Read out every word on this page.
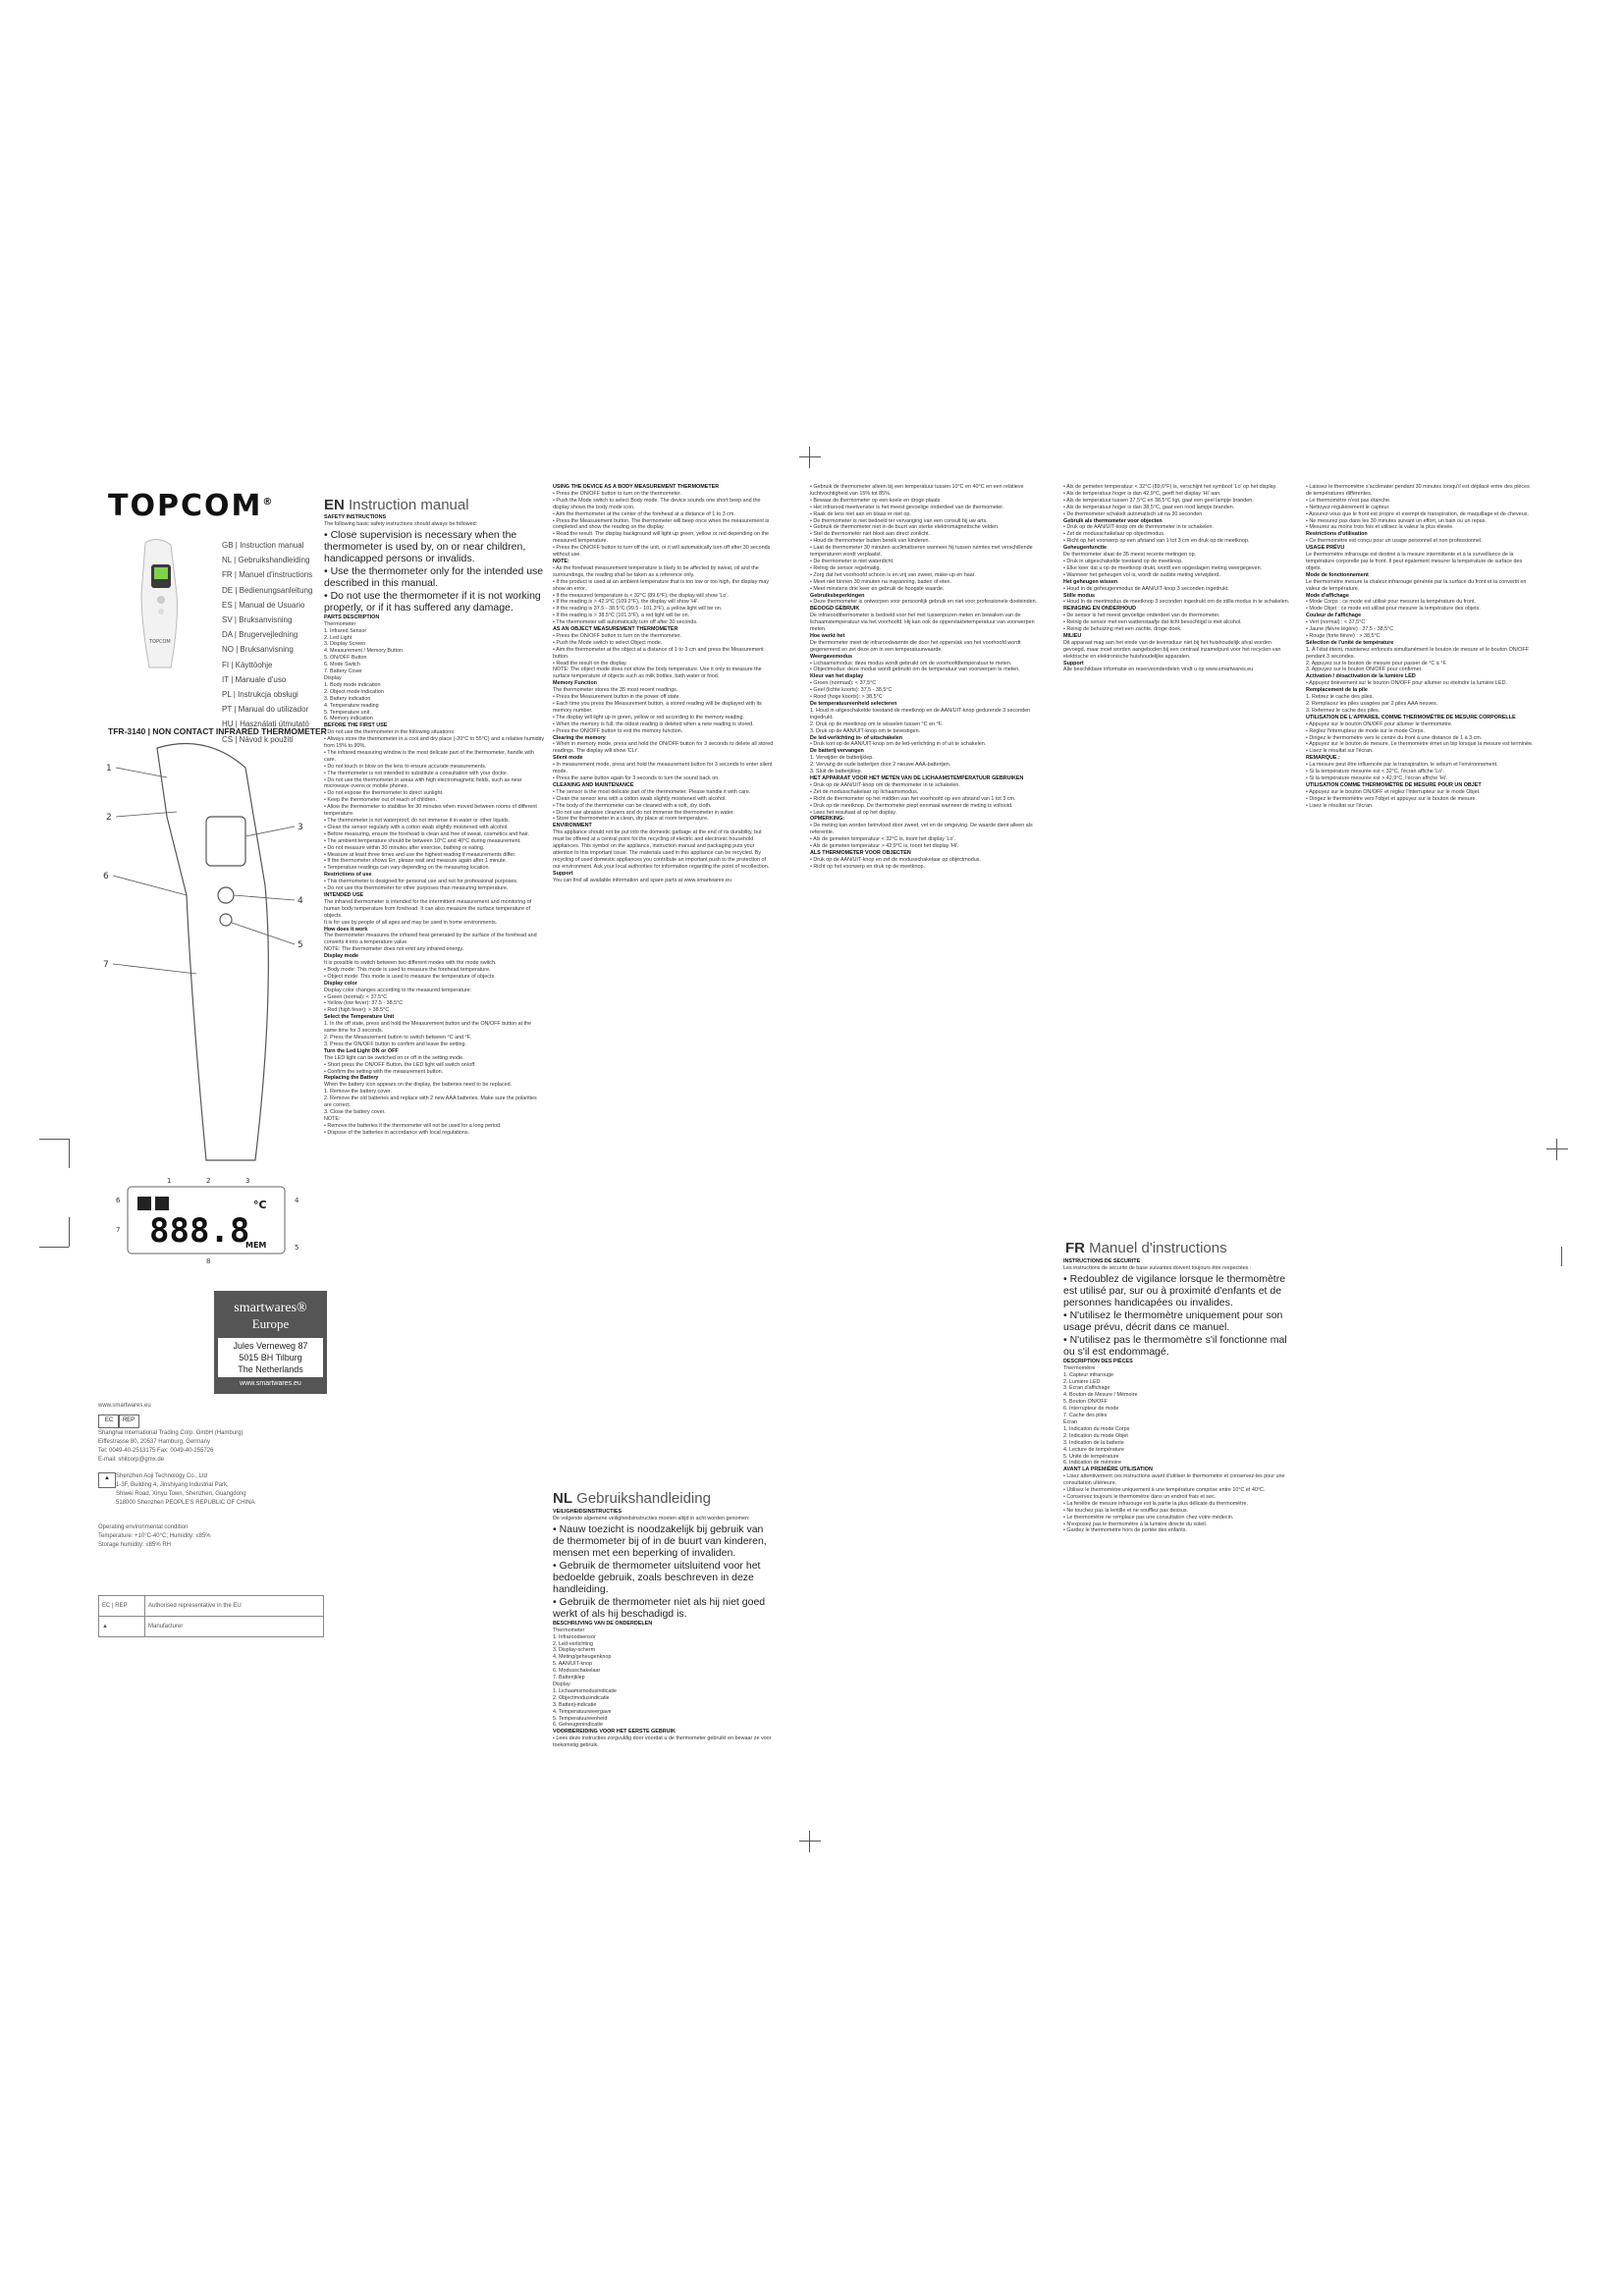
TOPCOM®
TOPCOM
GB | Instruction manual
NL | Gebruikshandleiding
FR | Manuel d'instructions
DE | Bedienungsanleitung
ES | Manual de Usuario
SV | Bruksanvisning
DA | Brugervejledning
NO | Bruksanvisning
FI | Käyttöohje
IT | Manuale d'uso
PL | Instrukcja obsługi
PT | Manual do utilizador
HU | Használati útmutató
CS | Návod k použití
TFR-3140 | NON CONTACT INFRARED THERMOMETER
1
2
3
4
5
6
7
888.8
°C
MEM
1	2	3
4
5
6
7
8
smartwares®
Europe
Jules Verneweg 87
5015 BH Tilburg
The Netherlands
www.smartwares.eu
www.smartwares.eu
EC	REP
Shanghai International Trading Corp. GmbH (Hamburg)
Eiffestrasse 80, 20537 Hamburg, Germany
Tel: 0049-40-2513175 Fax: 0049-40-255726
E-mail: shitcorp@gmx.de
▲	Shenzhen Aoji Technology Co., Ltd
1-3F, Building 4, Jinshiyang Industrial Park,
Shiwei Road, Xinyu Town, Shenzhen, Guangdong
518000 Shenzhen PEOPLE'S REPUBLIC OF CHINA
Operating environmental condition
Temperature: +10°C-40°C; Humidity: ≤85%
Storage humidity: ≤85% RH
EC | REP	Authorised representative in the EU
▲	Manufacturer
EN Instruction manual
NL Gebruikshandleiding
FR Manuel d'instructions

SAFETY INSTRUCTIONS

The following basic safety instructions should always be followed:

• Close supervision is necessary when the thermometer is used by, on or near children, handicapped persons or invalids.

• Use the thermometer only for the intended use described in this manual.

• Do not use the thermometer if it is not working properly, or if it has suffered any damage.

PARTS DESCRIPTION

Thermometer

1. Infrared Sensor

2. Led Light

3. Display Screen

4. Measurement / Memory Button

5. ON/OFF Button

6. Mode Switch

7. Battery Cover

Display

1. Body mode indication

2. Object mode indication

3. Battery indication

4. Temperature reading

5. Temperature unit

6. Memory indication

BEFORE THE FIRST USE

• Do not use the thermometer in the following situations:

• Always store the thermometer in a cool and dry place (-20°C to 55°C) and a relative humidity from 15% to 90%.

• The infrared measuring window is the most delicate part of the thermometer, handle with care.

• Do not touch or blow on the lens to ensure accurate measurements.

• The thermometer is not intended to substitute a consultation with your doctor.

• Do not use the thermometer in areas with high electromagnetic fields, such as near microwave ovens or mobile phones.

• Do not expose the thermometer to direct sunlight.

• Keep the thermometer out of reach of children.

• Allow the thermometer to stabilise for 30 minutes when moved between rooms of different temperature.

• The thermometer is not waterproof, do not immerse it in water or other liquids.

• Clean the sensor regularly with a cotton swab slightly moistened with alcohol.

• Before measuring, ensure the forehead is clean and free of sweat, cosmetics and hair.

• The ambient temperature should be between 10°C and 40°C during measurement.

• Do not measure within 30 minutes after exercise, bathing or eating.

• Measure at least three times and use the highest reading if measurements differ.

• If the thermometer shows Err, please wait and measure again after 1 minute.

• Temperature readings can vary depending on the measuring location.

Restrictions of use

• This thermometer is designed for personal use and not for professional purposes.

• Do not use this thermometer for other purposes than measuring temperature.

INTENDED USE

The infrared thermometer is intended for the intermittent measurement and monitoring of human body temperature from forehead. It can also measure the surface temperature of objects.

It is for use by people of all ages and may be used in home environments.

How does it work

The thermometer measures the infrared heat generated by the surface of the forehead and converts it into a temperature value.

NOTE: The thermometer does not emit any infrared energy.

Display mode

It is possible to switch between two different modes with the mode switch.

• Body mode: This mode is used to measure the forehead temperature.

• Object mode: This mode is used to measure the temperature of objects.

Display color

Display color changes according to the measured temperature:

• Green (normal): < 37.5°C

• Yellow (low fever): 37.5 - 38.5°C

• Red (high fever): > 38.5°C

Select the Temperature Unit

1. In the off state, press and hold the Measurement button and the ON/OFF button at the same time for 3 seconds.

2. Press the Measurement button to switch between °C and °F.

3. Press the ON/OFF button to confirm and leave the setting.

Turn the Led Light ON or OFF

The LED light can be switched on or off in the setting mode.

• Short press the ON/OFF Button, the LED light will switch on/off.

• Confirm the setting with the measurement button.

Replacing the Battery

When the battery icon appears on the display, the batteries need to be replaced.

1. Remove the battery cover.

2. Remove the old batteries and replace with 2 new AAA batteries. Make sure the polarities are correct.

3. Close the battery cover.

NOTE:

• Remove the batteries if the thermometer will not be used for a long period.

• Dispose of the batteries in accordance with local regulations.

USING THE DEVICE AS A BODY MEASUREMENT THERMOMETER

• Press the ON/OFF button to turn on the thermometer.

• Push the Mode switch to select Body mode. The device sounds one short beep and the display shows the body mode icon.

• Aim the thermometer at the center of the forehead at a distance of 1 to 3 cm.

• Press the Measurement button. The thermometer will beep once when the measurement is completed and show the reading on the display.

• Read the result. The display background will light up green, yellow or red depending on the measured temperature.

• Press the ON/OFF button to turn off the unit, or it will automatically turn off after 30 seconds without use.

NOTE:

• As the forehead measurement temperature is likely to be affected by sweat, oil and the surroundings, the reading shall be taken as a reference only.

• If the product is used at an ambient temperature that is too low or too high, the display may show an error.

• If the measured temperature is < 32°C (89.6°F), the display will show 'Lo'.

• If the reading is > 42.9°C (109.2°F), the display will show 'Hi'.

• If the reading is 37.5 - 38.5°C (99.5 - 101.3°F), a yellow light will be on.

• If the reading is > 38.5°C (101.3°F), a red light will be on.

• The thermometer will automatically turn off after 30 seconds.

AS AN OBJECT MEASUREMENT THERMOMETER

• Press the ON/OFF button to turn on the thermometer.

• Push the Mode switch to select Object mode.

• Aim the thermometer at the object at a distance of 1 to 3 cm and press the Measurement button.

• Read the result on the display.

NOTE: The object mode does not show the body temperature. Use it only to measure the surface temperature of objects such as milk bottles, bath water or food.

Memory Function

The thermometer stores the 35 most recent readings.

• Press the Measurement button in the power off state.

• Each time you press the Measurement button, a stored reading will be displayed with its memory number.

• The display will light up in green, yellow or red according to the memory reading.

• When the memory is full, the oldest reading is deleted when a new reading is stored.

• Press the ON/OFF button to exit the memory function.

Clearing the memory

• When in memory mode, press and hold the ON/OFF button for 3 seconds to delete all stored readings. The display will show 'CLr'.

Silent mode

• In measurement mode, press and hold the measurement button for 3 seconds to enter silent mode.

• Press the same button again for 3 seconds to turn the sound back on.

CLEANING AND MAINTENANCE

• The sensor is the most delicate part of the thermometer. Please handle it with care.

• Clean the sensor lens with a cotton swab slightly moistened with alcohol.

• The body of the thermometer can be cleaned with a soft, dry cloth.

• Do not use abrasive cleaners and do not immerse the thermometer in water.

• Store the thermometer in a clean, dry place at room temperature.

ENVIRONMENT

This appliance should not be put into the domestic garbage at the end of its durability, but must be offered at a central point for the recycling of electric and electronic household appliances. This symbol on the appliance, instruction manual and packaging puts your attention to this important issue. The materials used in this appliance can be recycled. By recycling of used domestic appliances you contribute an important push to the protection of our environment. Ask your local authorities for information regarding the point of recollection.

Support

You can find all available information and spare parts at www.smartwares.eu

VEILIGHEIDSINSTRUCTIES

De volgende algemene veiligheidsinstructies moeten altijd in acht worden genomen:

• Nauw toezicht is noodzakelijk bij gebruik van de thermometer bij of in de buurt van kinderen, mensen met een beperking of invaliden.

• Gebruik de thermometer uitsluitend voor het bedoelde gebruik, zoals beschreven in deze handleiding.

• Gebruik de thermometer niet als hij niet goed werkt of als hij beschadigd is.

BESCHRIJVING VAN DE ONDERDELEN

Thermometer

1. Infraroodsensor

2. Led-verlichting

3. Display-scherm

4. Meting/geheugenknop

5. AAN/UIT-knop

6. Modusschakelaar

7. Batterijklep

Display

1. Lichaamsmodusindicatie

2. Objectmodusindicatie

3. Batterij-indicatie

4. Temperatuurweergave

5. Temperatuureenheid

6. Geheugenindicatie

VOORBEREIDING VOOR HET EERSTE GEBRUIK

• Lees deze instructies zorgvuldig door voordat u de thermometer gebruikt en bewaar ze voor toekomstig gebruik.

• Gebruik de thermometer alleen bij een temperatuur tussen 10°C en 40°C en een relatieve luchtvochtigheid van 15% tot 85%.

• Bewaar de thermometer op een koele en droge plaats.

• Het infrarood meetvenster is het meest gevoelige onderdeel van de thermometer.

• Raak de lens niet aan en blaas er niet op.

• De thermometer is niet bedoeld ter vervanging van een consult bij uw arts.

• Gebruik de thermometer niet in de buurt van sterke elektromagnetische velden.

• Stel de thermometer niet bloot aan direct zonlicht.

• Houd de thermometer buiten bereik van kinderen.

• Laat de thermometer 30 minuten acclimatiseren wanneer hij tussen ruimtes met verschillende temperaturen wordt verplaatst.

• De thermometer is niet waterdicht.

• Reinig de sensor regelmatig.

• Zorg dat het voorhoofd schoon is en vrij van zweet, make-up en haar.

• Meet niet binnen 30 minuten na inspanning, baden of eten.

• Meet minstens drie keer en gebruik de hoogste waarde.

Gebruiksbeperkingen

• Deze thermometer is ontworpen voor persoonlijk gebruik en niet voor professionele doeleinden.

BEOOGD GEBRUIK

De infraroodthermometer is bedoeld voor het met tussenpozen meten en bewaken van de lichaamstemperatuur via het voorhoofd. Hij kan ook de oppervlaktetemperatuur van voorwerpen meten.

Hoe werkt het

De thermometer meet de infraroodwarmte die door het oppervlak van het voorhoofd wordt gegenereerd en zet deze om in een temperatuurwaarde.

Weergavemodus

• Lichaamsmodus: deze modus wordt gebruikt om de voorhoofdtemperatuur te meten.

• Objectmodus: deze modus wordt gebruikt om de temperatuur van voorwerpen te meten.

Kleur van het display

• Groen (normaal): < 37,5°C

• Geel (lichte koorts): 37,5 - 38,5°C

• Rood (hoge koorts): > 38,5°C

De temperatuureenheid selecteren

1. Houd in uitgeschakelde toestand de meetknop en de AAN/UIT-knop gedurende 3 seconden ingedrukt.

2. Druk op de meetknop om te wisselen tussen °C en °F.

3. Druk op de AAN/UIT-knop om te bevestigen.

De led-verlichting in- of uitschakelen

• Druk kort op de AAN/UIT-knop om de led-verlichting in of uit te schakelen.

De batterij vervangen

1. Verwijder de batterijklep.

2. Vervang de oude batterijen door 2 nieuwe AAA-batterijen.

3. Sluit de batterijklep.

HET APPARAAT VOOR HET METEN VAN DE LICHAAMSTEMPERATUUR GEBRUIKEN

• Druk op de AAN/UIT-knop om de thermometer in te schakelen.

• Zet de modusschakelaar op lichaamsmodus.

• Richt de thermometer op het midden van het voorhoofd op een afstand van 1 tot 3 cm.

• Druk op de meetknop. De thermometer piept eenmaal wanneer de meting is voltooid.

• Lees het resultaat af op het display.

OPMERKING:

• De meting kan worden beïnvloed door zweet, vet en de omgeving. De waarde dient alleen als referentie.

• Als de gemeten temperatuur < 32°C is, toont het display 'Lo'.

• Als de gemeten temperatuur > 42,9°C is, toont het display 'Hi'.

ALS THERMOMETER VOOR OBJECTEN

• Druk op de AAN/UIT-knop en zet de modusschakelaar op objectmodus.

• Richt op het voorwerp en druk op de meetknop.

• Als de gemeten temperatuur < 32°C (89,6°F) is, verschijnt het symbool 'Lo' op het display.

• Als de temperatuur hoger is dan 42,9°C, geeft het display 'Hi' aan.

• Als de temperatuur tussen 37,5°C en 38,5°C ligt, gaat een geel lampje branden.

• Als de temperatuur hoger is dan 38,5°C, gaat een rood lampje branden.

• De thermometer schakelt automatisch uit na 30 seconden.

Gebruik als thermometer voor objecten

• Druk op de AAN/UIT-knop om de thermometer in te schakelen.

• Zet de modusschakelaar op objectmodus.

• Richt op het voorwerp op een afstand van 1 tot 3 cm en druk op de meetknop.

Geheugenfunctie

De thermometer slaat de 35 meest recente metingen op.

• Druk in uitgeschakelde toestand op de meetknop.

• Elke keer dat u op de meetknop drukt, wordt een opgeslagen meting weergegeven.

• Wanneer het geheugen vol is, wordt de oudste meting verwijderd.

Het geheugen wissen

• Houd in de geheugenmodus de AAN/UIT-knop 3 seconden ingedrukt.

Stille modus

• Houd in de meetmodus de meetknop 3 seconden ingedrukt om de stille modus in te schakelen.

REINIGING EN ONDERHOUD

• De sensor is het meest gevoelige onderdeel van de thermometer.

• Reinig de sensor met een wattenstaafje dat licht bevochtigd is met alcohol.

• Reinig de behuizing met een zachte, droge doek.

MILIEU

Dit apparaat mag aan het einde van de levensduur niet bij het huishoudelijk afval worden gevoegd, maar moet worden aangeboden bij een centraal inzamelpunt voor het recyclen van elektrische en elektronische huishoudelijke apparaten.

Support

Alle beschikbare informatie en reserveonderdelen vindt u op www.smartwares.eu

INSTRUCTIONS DE SÉCURITÉ

Les instructions de sécurité de base suivantes doivent toujours être respectées :

• Redoublez de vigilance lorsque le thermomètre est utilisé par, sur ou à proximité d'enfants et de personnes handicapées ou invalides.

• N'utilisez le thermomètre uniquement pour son usage prévu, décrit dans ce manuel.

• N'utilisez pas le thermomètre s'il fonctionne mal ou s'il est endommagé.

DESCRIPTION DES PIÈCES

Thermomètre

1. Capteur infrarouge

2. Lumière LED

3. Écran d'affichage

4. Bouton de Mesure / Mémoire

5. Bouton ON/OFF

6. Interrupteur de mode

7. Cache des piles

Écran

1. Indication du mode Corps

2. Indication du mode Objet

3. Indication de la batterie

4. Lecture de température

5. Unité de température

6. Indication de mémoire

AVANT LA PREMIÈRE UTILISATION

• Lisez attentivement ces instructions avant d'utiliser le thermomètre et conservez-les pour une consultation ultérieure.

• Utilisez le thermomètre uniquement à une température comprise entre 10°C et 40°C.

• Conservez toujours le thermomètre dans un endroit frais et sec.

• La fenêtre de mesure infrarouge est la partie la plus délicate du thermomètre.

• Ne touchez pas la lentille et ne soufflez pas dessus.

• Le thermomètre ne remplace pas une consultation chez votre médecin.

• N'exposez pas le thermomètre à la lumière directe du soleil.

• Gardez le thermomètre hors de portée des enfants.

• Laissez le thermomètre s'acclimater pendant 30 minutes lorsqu'il est déplacé entre des pièces de températures différentes.

• Le thermomètre n'est pas étanche.

• Nettoyez régulièrement le capteur.

• Assurez-vous que le front est propre et exempt de transpiration, de maquillage et de cheveux.

• Ne mesurez pas dans les 30 minutes suivant un effort, un bain ou un repas.

• Mesurez au moins trois fois et utilisez la valeur la plus élevée.

Restrictions d'utilisation

• Ce thermomètre est conçu pour un usage personnel et non professionnel.

USAGE PRÉVU

Le thermomètre infrarouge est destiné à la mesure intermittente et à la surveillance de la température corporelle par le front. Il peut également mesurer la température de surface des objets.

Mode de fonctionnement

Le thermomètre mesure la chaleur infrarouge générée par la surface du front et la convertit en valeur de température.

Mode d'affichage

• Mode Corps : ce mode est utilisé pour mesurer la température du front.

• Mode Objet : ce mode est utilisé pour mesurer la température des objets.

Couleur de l'affichage

• Vert (normal) : < 37,5°C

• Jaune (fièvre légère) : 37,5 - 38,5°C

• Rouge (forte fièvre) : > 38,5°C

Sélection de l'unité de température

1. À l'état éteint, maintenez enfoncés simultanément le bouton de mesure et le bouton ON/OFF pendant 3 secondes.

2. Appuyez sur le bouton de mesure pour passer de °C à °F.

3. Appuyez sur le bouton ON/OFF pour confirmer.

Activation / désactivation de la lumière LED

• Appuyez brièvement sur le bouton ON/OFF pour allumer ou éteindre la lumière LED.

Remplacement de la pile

1. Retirez le cache des piles.

2. Remplacez les piles usagées par 2 piles AAA neuves.

3. Refermez le cache des piles.

UTILISATION DE L'APPAREIL COMME THERMOMÈTRE DE MESURE CORPORELLE

• Appuyez sur le bouton ON/OFF pour allumer le thermomètre.

• Réglez l'interrupteur de mode sur le mode Corps.

• Dirigez le thermomètre vers le centre du front à une distance de 1 à 3 cm.

• Appuyez sur le bouton de mesure. Le thermomètre émet un bip lorsque la mesure est terminée.

• Lisez le résultat sur l'écran.

REMARQUE :

• La mesure peut être influencée par la transpiration, le sébum et l'environnement.

• Si la température mesurée est < 32°C, l'écran affiche 'Lo'.

• Si la température mesurée est > 42,9°C, l'écran affiche 'Hi'.

UTILISATION COMME THERMOMÈTRE DE MESURE POUR UN OBJET

• Appuyez sur le bouton ON/OFF et réglez l'interrupteur sur le mode Objet.

• Dirigez le thermomètre vers l'objet et appuyez sur le bouton de mesure.

• Lisez le résultat sur l'écran.
